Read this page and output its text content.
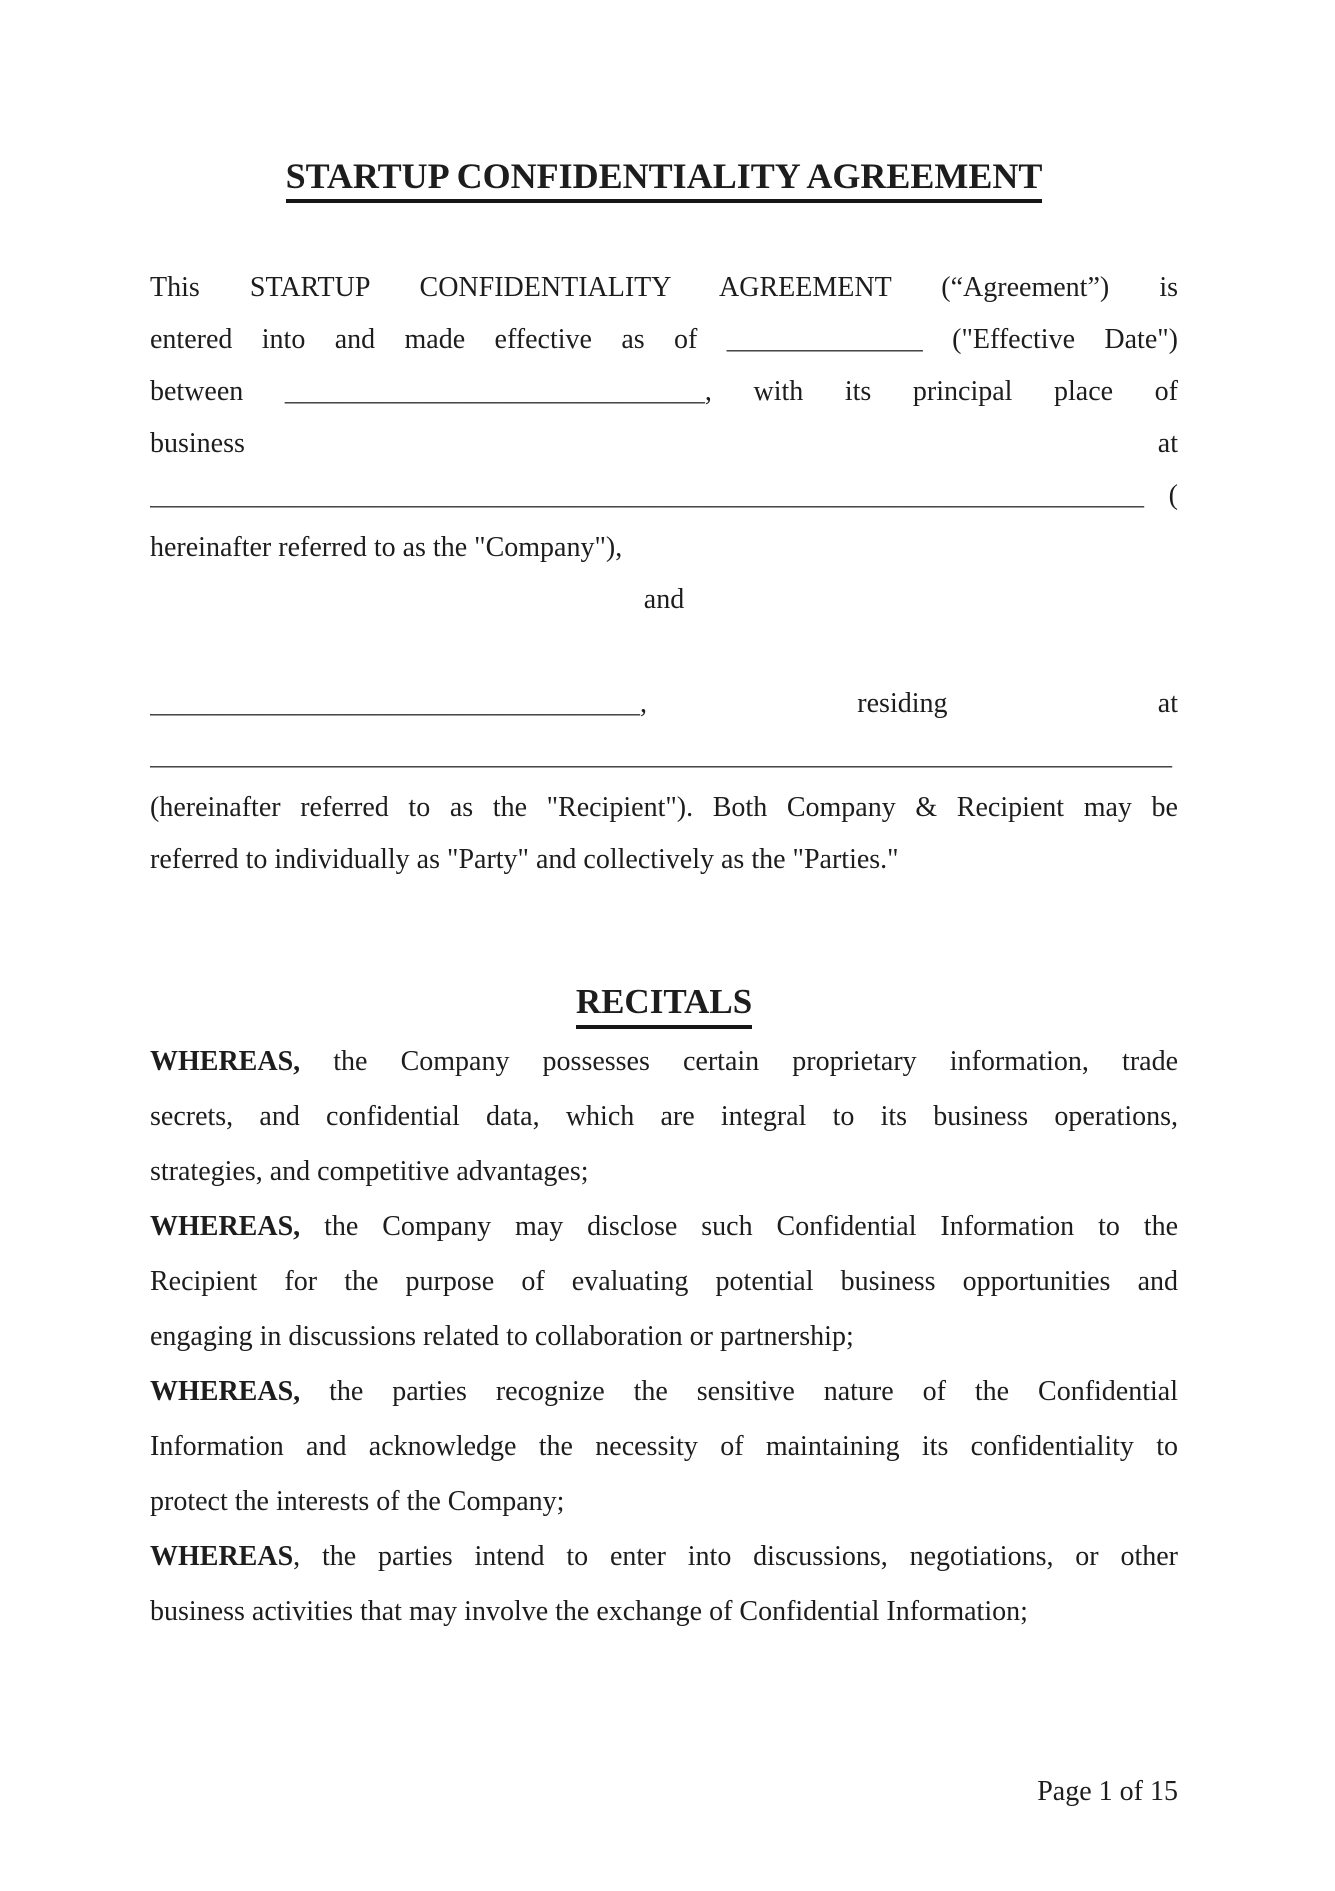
STARTUP CONFIDENTIALITY AGREEMENT
This STARTUP CONFIDENTIALITY AGREEMENT (“Agreement”) is
entered into and made effective as of ______________ ("Effective Date")
between ______________________________, with its principal place of
business at
_______________________________________________________________________ (
hereinafter referred to as the "Company"),
and

___________________________________, residing at
_________________________________________________________________________
(hereinafter referred to as the "Recipient"). Both Company & Recipient may be
referred to individually as "Party" and collectively as the "Parties."
RECITALS
WHEREAS, the Company possesses certain proprietary information, trade
secrets, and confidential data, which are integral to its business operations,
strategies, and competitive advantages;
WHEREAS, the Company may disclose such Confidential Information to the
Recipient for the purpose of evaluating potential business opportunities and
engaging in discussions related to collaboration or partnership;
WHEREAS, the parties recognize the sensitive nature of the Confidential
Information and acknowledge the necessity of maintaining its confidentiality to
protect the interests of the Company;
WHEREAS, the parties intend to enter into discussions, negotiations, or other
business activities that may involve the exchange of Confidential Information;
Page 1 of 15
